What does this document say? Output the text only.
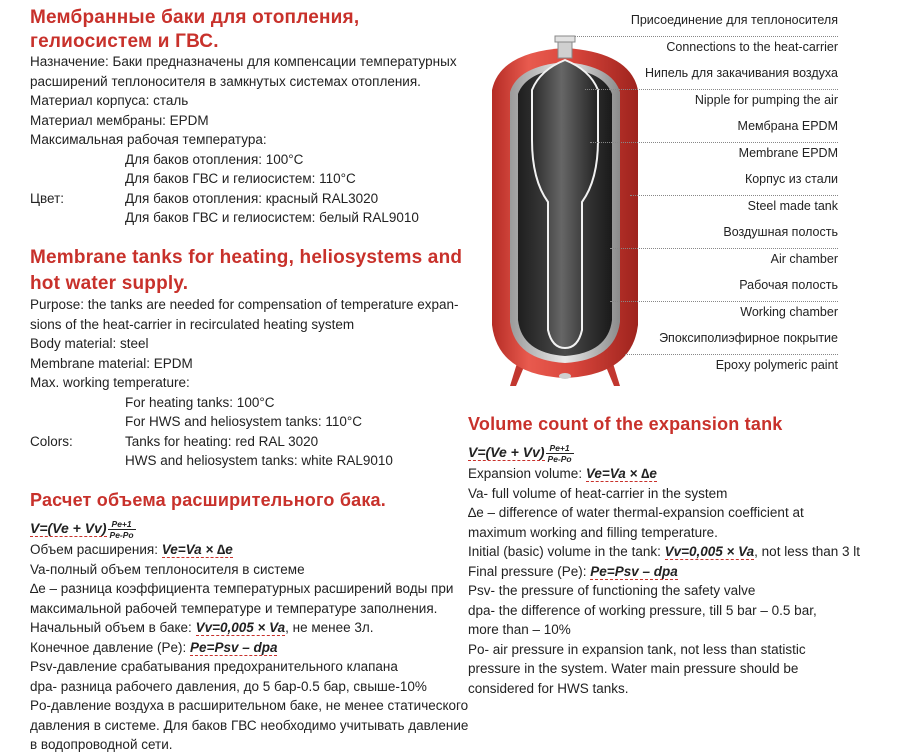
Мембранные баки для отопления,
гелиосистем и ГВС.
Назначение: Баки предназначены для компенсации температурных
расширений теплоносителя в замкнутых системах отопления.
Материал корпуса: сталь
Материал мембраны: EPDM
Максимальная рабочая температура:
Для баков отопления: 100°C
Для баков ГВС и гелиосистем: 110°C
Цвет:	Для баков отопления: красный RAL3020
Для баков ГВС и гелиосистем: белый RAL9010
Membrane tanks for heating, heliosystems and
hot water supply.
Purpose: the tanks are needed for compensation of temperature expan-
sions of the heat-carrier in recirculated heating system
Body material: steel
Membrane material: EPDM
Max. working temperature:
For heating tanks: 100°C
For HWS and heliosystem tanks: 110°C
Colors:	Tanks for heating: red RAL 3020
HWS and heliosystem tanks: white RAL9010
Расчет объема расширительного бака.
$V=(Ve + Vv) \frac{Pe+1}{Pe-Po}$
Объем расширения: Ve=Va × ∆e
Va-полный объем теплоносителя в системе
∆e – разница коэффициента температурных расширений воды при
максимальной рабочей температуре и температуре заполнения.
Начальный объем в баке: Vv=0,005 × Va, не менее 3л.
Конечное давление (Pe): Pe=Psv – dpa
Psv-давление срабатывания предохранительного клапана
dpa- разница рабочего давления, до 5 бар-0.5 бар, свыше-10%
Po-давление воздуха в расширительном баке, не менее статического
давления в системе. Для баков ГВС необходимо учитывать давление
в водопроводной сети.
Volume count of the expansion tank
$V=(Ve + Vv) \frac{Pe+1}{Pe-Po}$
Expansion volume: Ve=Va × ∆e
Va- full volume of heat-carrier in the system
∆e – difference of water thermal-expansion coefficient at
maximum working and filling temperature.
Initial (basic) volume in the tank: Vv=0,005 × Va, not less than 3 lt
Final pressure (Pe): Pe=Psv – dpa
Psv- the pressure of functioning the safety valve
dpa- the difference of working pressure, till 5 bar – 0.5 bar,
more than – 10%
Po- air pressure in expansion tank, not less than statistic
pressure in the system. Water main pressure should be
considered for HWS tanks.
Присоединение для теплоносителя
Connections to the heat-carrier
Нипель для закачивания воздуха
Nipple for pumping the air
Мембрана EPDM
Membrane EPDM
Корпус из стали
Steel made tank
Воздушная полость
Air chamber
Рабочая полость
Working chamber
Эпоксиполиэфирное покрытие
Epoxy polymeric paint
